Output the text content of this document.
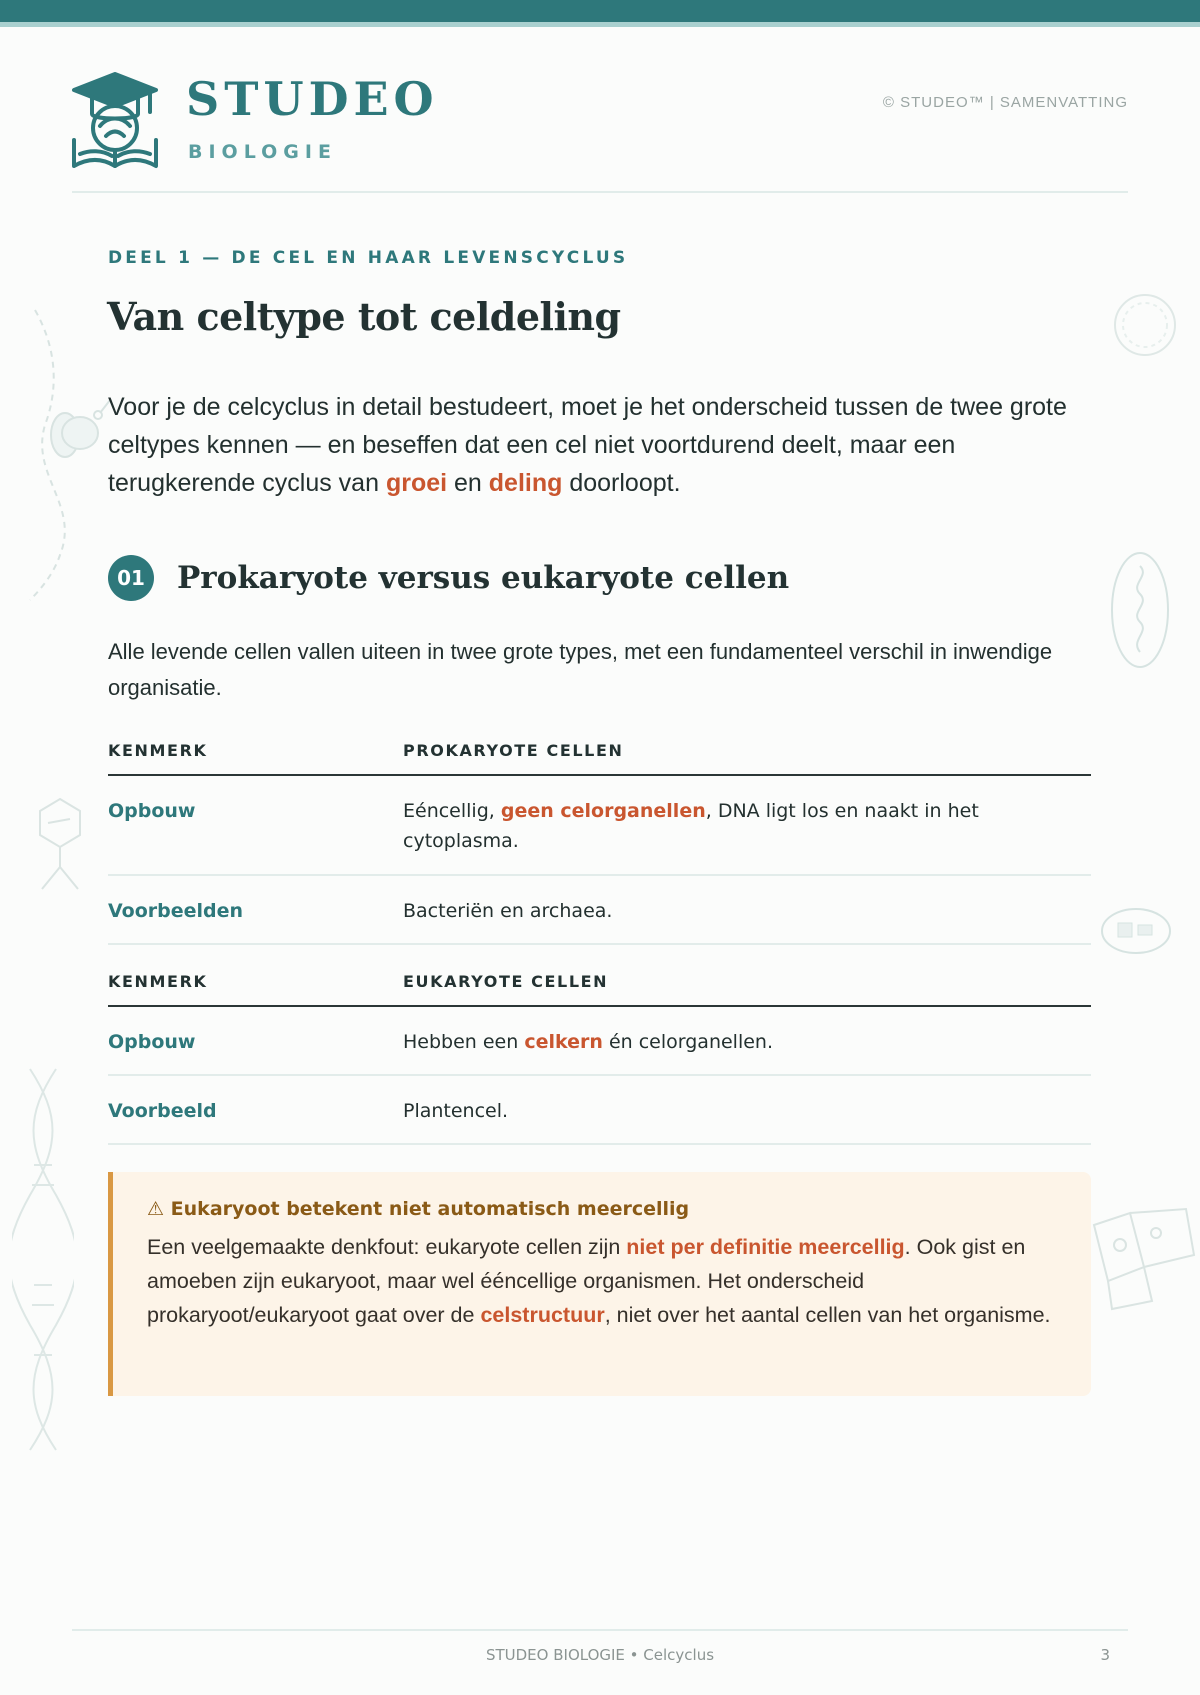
STUDEO
BIOLOGIE
© STUDEO™ | SAMENVATTING
DEEL 1 — DE CEL EN HAAR LEVENSCYCLUS
Van celtype tot celdeling

Voor je de celcyclus in detail bestudeert, moet je het onderscheid tussen de twee grote celtypes kennen — en beseffen dat een cel niet voortdurend deelt, maar een terugkerende cyclus van groei en deling doorloopt.

01 Prokaryote versus eukaryote cellen

Alle levende cellen vallen uiteen in twee grote types, met een fundamenteel verschil in inwendige organisatie.

KENMERK	PROKARYOTE CELLEN
Opbouw	Eéncellig, geen celorganellen, DNA ligt los en naakt in het cytoplasma.
Voorbeelden	Bacteriën en archaea.
KENMERK	EUKARYOTE CELLEN
Opbouw	Hebben een celkern én celorganellen.
Voorbeeld	Plantencel.

⚠ Eukaryoot betekent niet automatisch meercellig

Een veelgemaakte denkfout: eukaryote cellen zijn niet per definitie meercellig. Ook gist en amoeben zijn eukaryoot, maar wel ééncellige organismen. Het onderscheid prokaryoot/eukaryoot gaat over de celstructuur, niet over het aantal cellen van het organisme.

STUDEO BIOLOGIE • Celcyclus	3
